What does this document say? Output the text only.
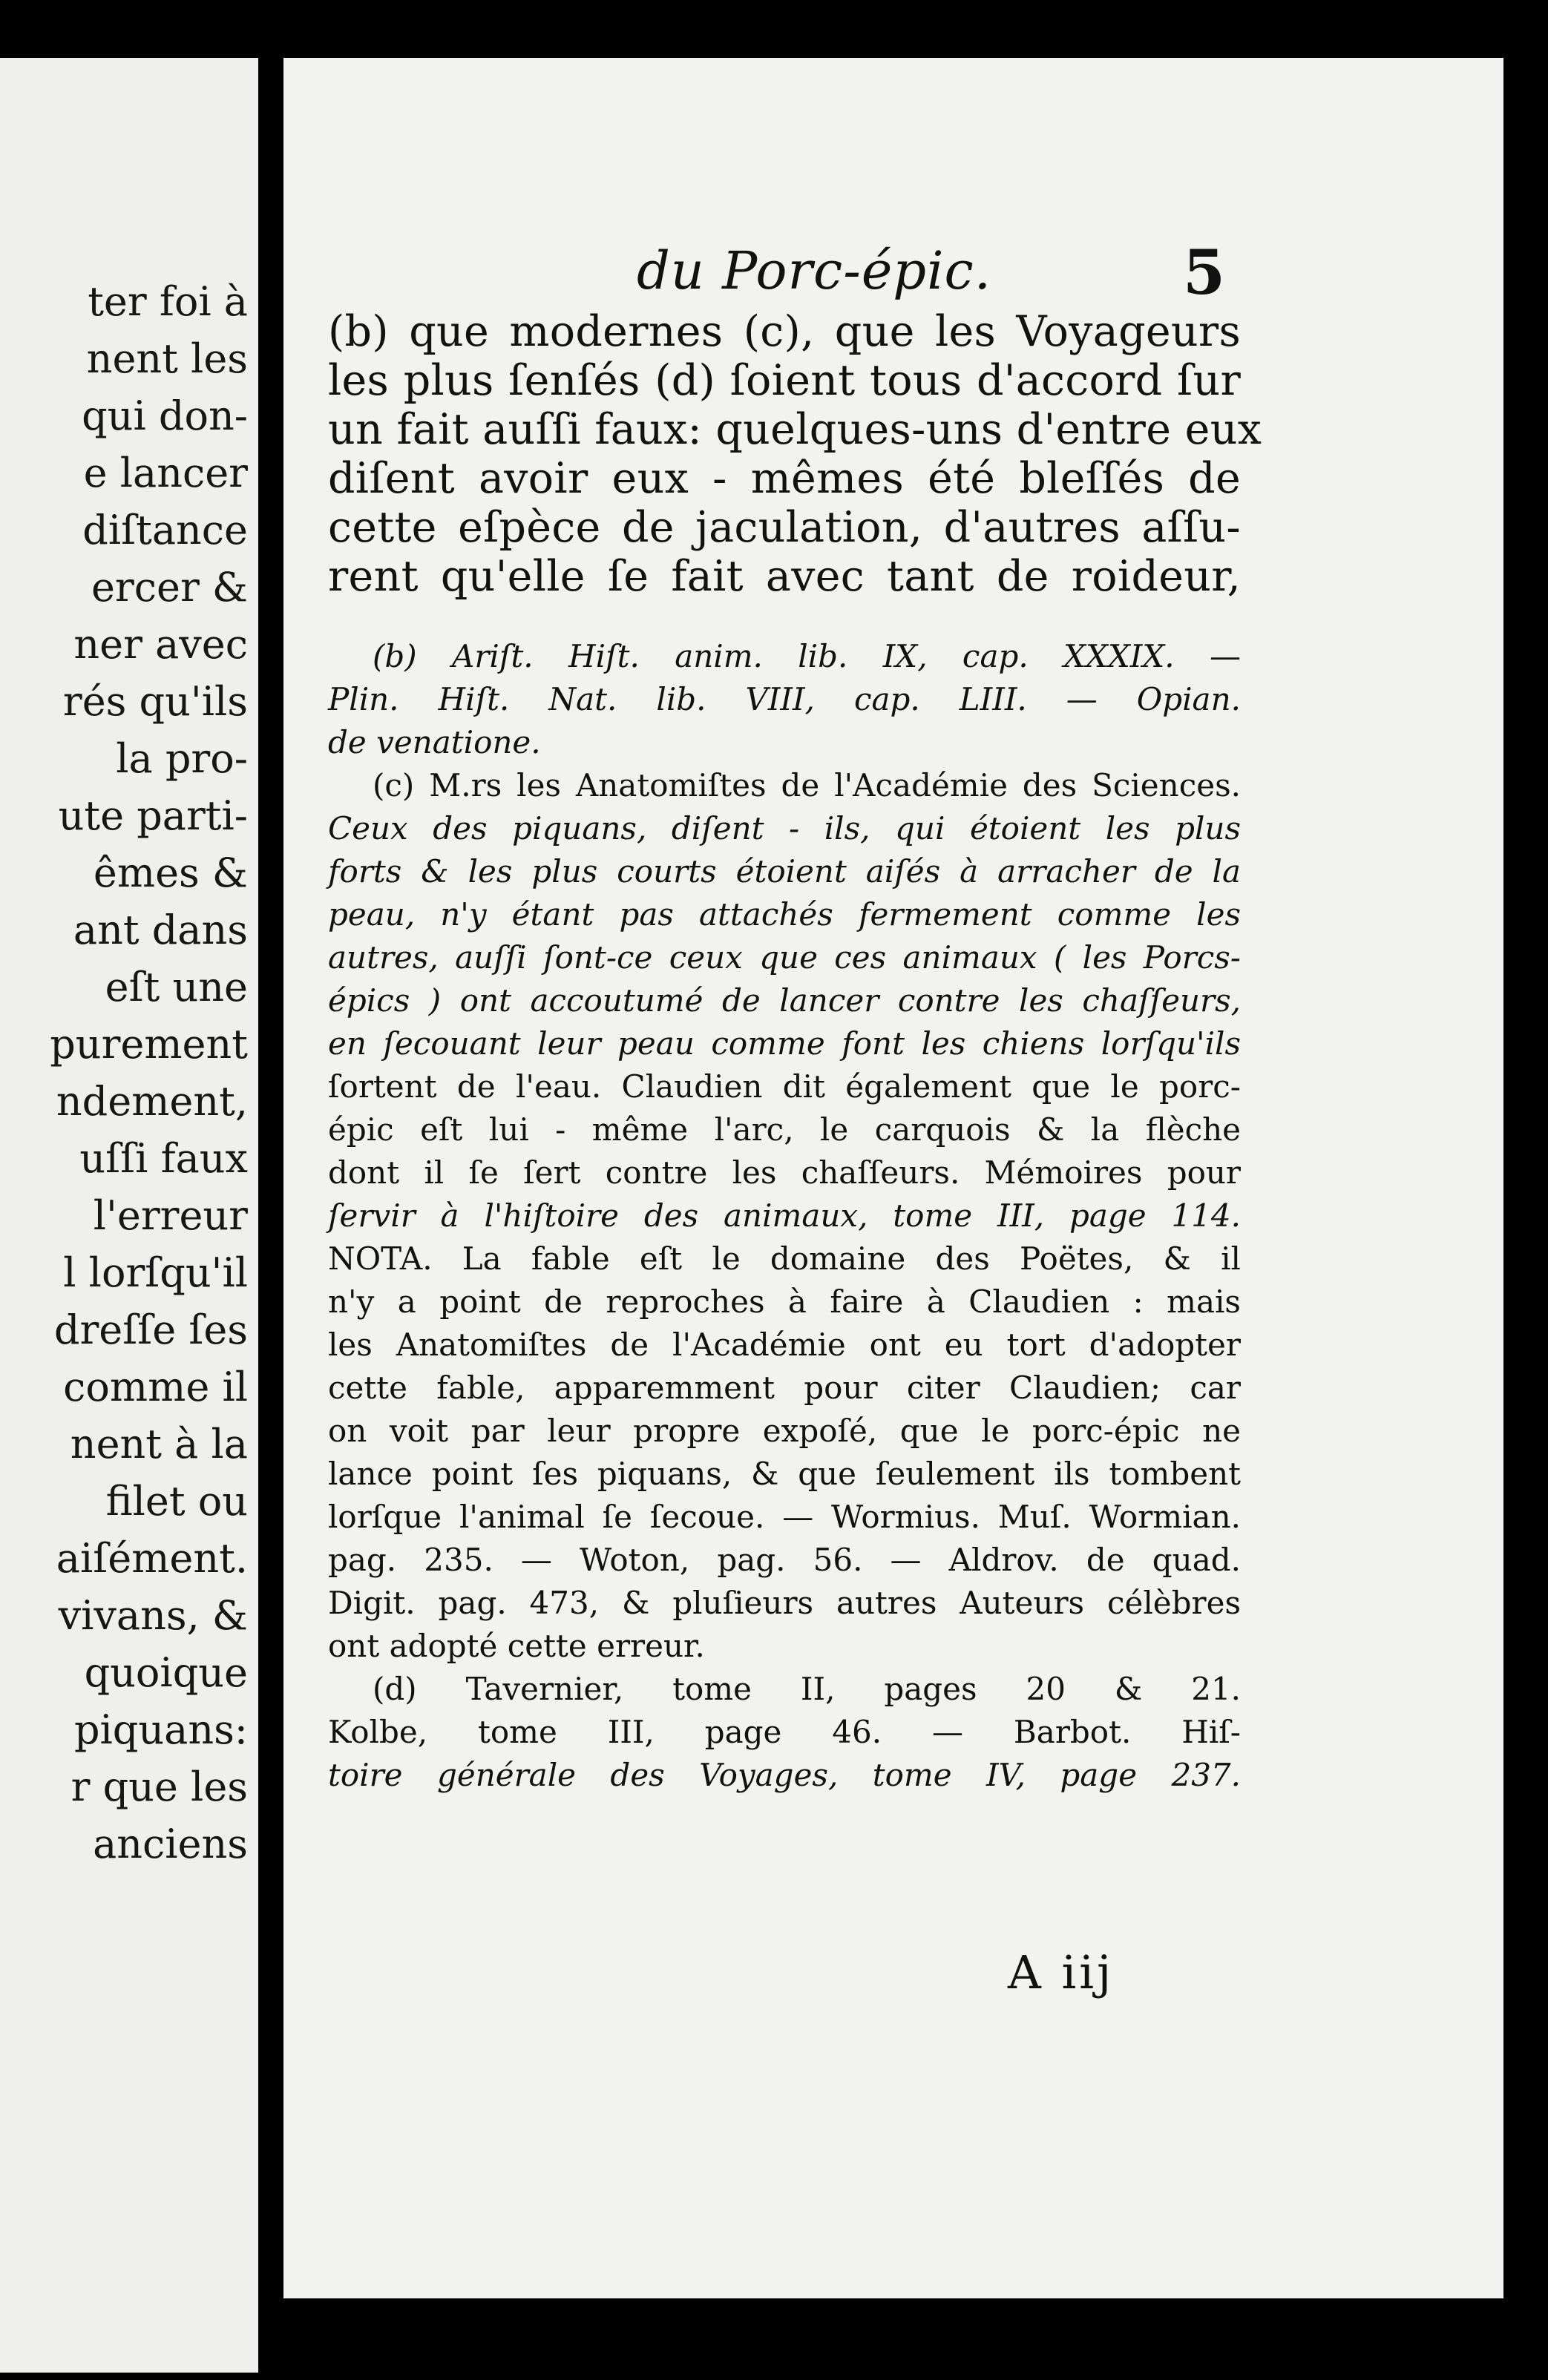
ter foi à
nent les
qui don-
e lancer
diſtance
ercer &
ner avec
rés qu'ils
la pro-
ute parti-
êmes &
ant dans
eſt une
purement
ndement,
uſſi faux
l'erreur
l lorſqu'il
dreſſe ſes
comme il
nent à la
filet ou
aiſément.
vivans, &
quoique
piquans:
r que les
anciens
du Porc-épic.	5
(b) que modernes (c), que les Voyageurs
les plus ſenſés (d) ſoient tous d'accord ſur
un fait auſſi faux: quelques-uns d'entre eux
diſent avoir eux - mêmes été bleſſés de
cette eſpèce de jaculation, d'autres aſſu-
rent qu'elle ſe fait avec tant de roideur,
(b) Ariſt. Hiſt. anim. lib. IX, cap. XXXIX. —
Plin. Hiſt. Nat. lib. VIII, cap. LIII. — Opian.
de venatione.
(c) M.rs les Anatomiſtes de l'Académie des Sciences.
Ceux des piquans, diſent - ils, qui étoient les plus
forts & les plus courts étoient aiſés à arracher de la
peau, n'y étant pas attachés fermement comme les
autres, auſſi ſont-ce ceux que ces animaux ( les Porcs-
épics ) ont accoutumé de lancer contre les chaſſeurs,
en ſecouant leur peau comme font les chiens lorſqu'ils
ſortent de l'eau. Claudien dit également que le porc-
épic eſt lui - même l'arc, le carquois & la flèche
dont il ſe ſert contre les chaſſeurs. Mémoires pour
ſervir à l'hiſtoire des animaux, tome III, page 114.
NOTA. La fable eſt le domaine des Poëtes, & il
n'y a point de reproches à faire à Claudien : mais
les Anatomiſtes de l'Académie ont eu tort d'adopter
cette fable, apparemment pour citer Claudien; car
on voit par leur propre expoſé, que le porc-épic ne
lance point ſes piquans, & que ſeulement ils tombent
lorſque l'animal ſe ſecoue. — Wormius. Muſ. Wormian.
pag. 235. — Woton, pag. 56. — Aldrov. de quad.
Digit. pag. 473, & pluſieurs autres Auteurs célèbres
ont adopté cette erreur.
(d) Tavernier, tome II, pages 20 & 21.
Kolbe, tome III, page 46. — Barbot. Hiſ-
toire générale des Voyages, tome IV, page 237.
A iij
